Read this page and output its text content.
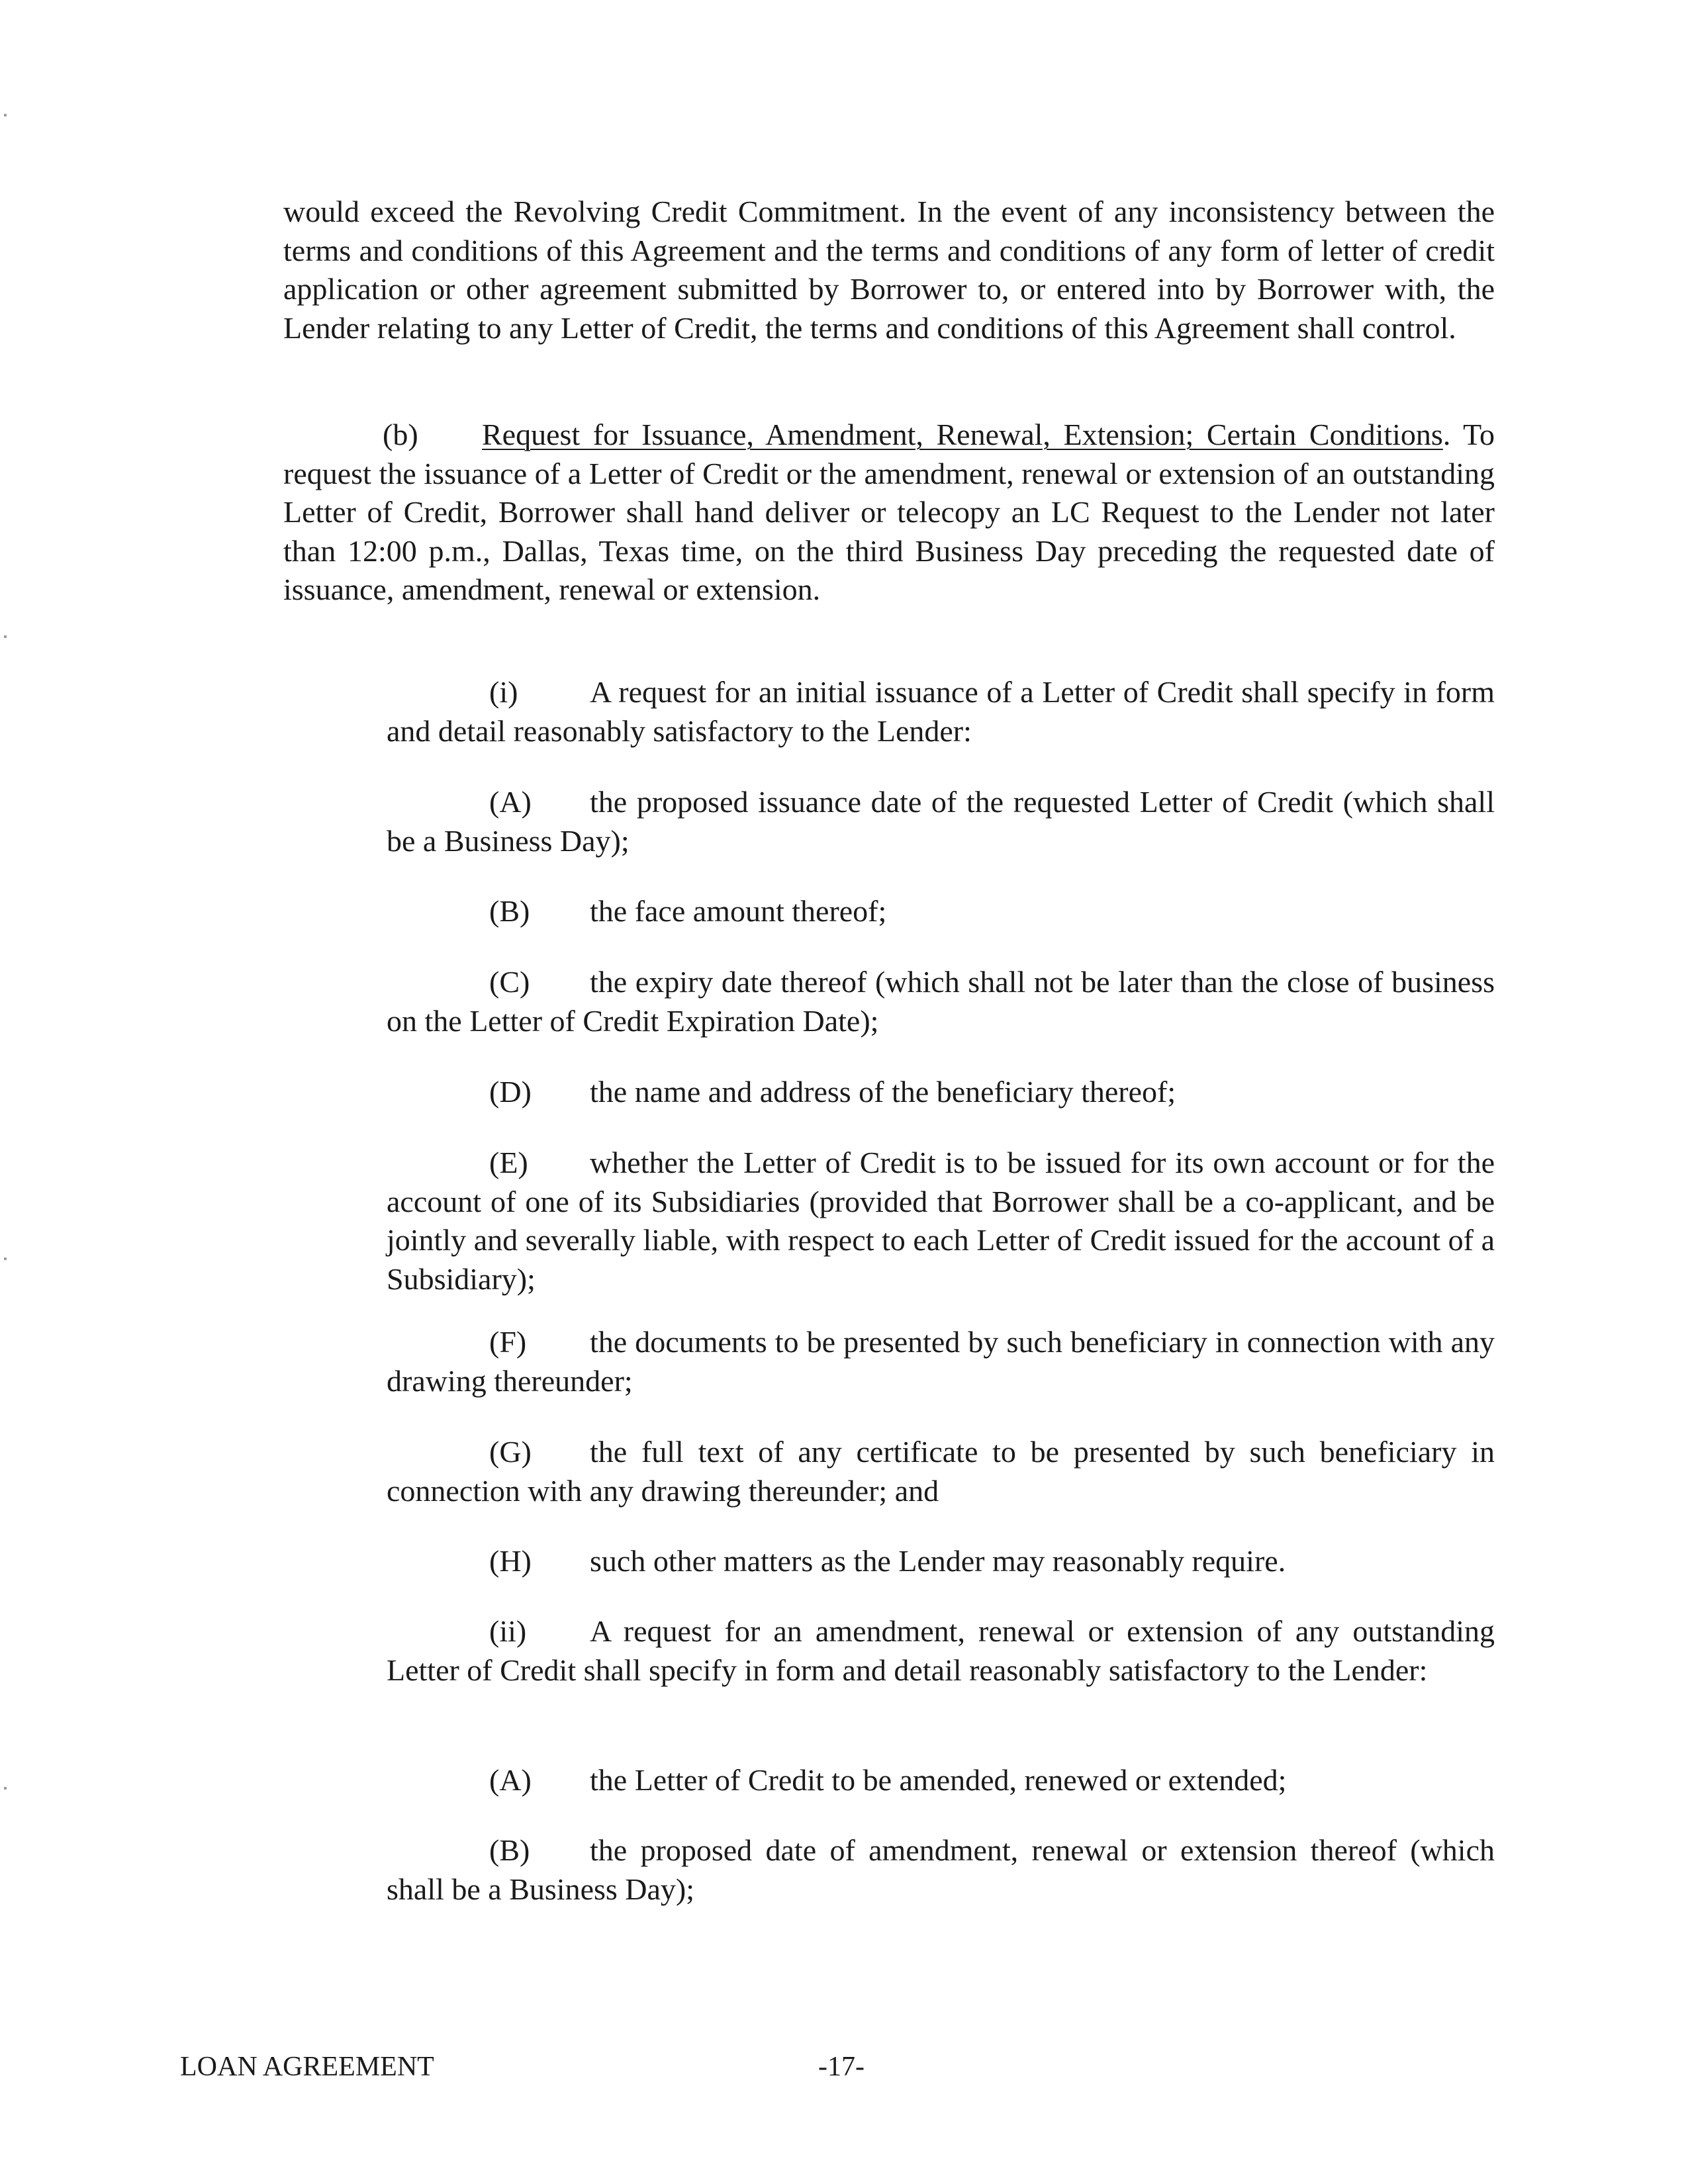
would exceed the Revolving Credit Commitment. In the event of any inconsistency between the terms and conditions of this Agreement and the terms and conditions of any form of letter of credit application or other agreement submitted by Borrower to, or entered into by Borrower with, the Lender relating to any Letter of Credit, the terms and conditions of this Agreement shall control.

(b) Request for Issuance, Amendment, Renewal, Extension; Certain Conditions. To request the issuance of a Letter of Credit or the amendment, renewal or extension of an outstanding Letter of Credit, Borrower shall hand deliver or telecopy an LC Request to the Lender not later than 12:00 p.m., Dallas, Texas time, on the third Business Day preceding the requested date of issuance, amendment, renewal or extension.

(i) A request for an initial issuance of a Letter of Credit shall specify in form and detail reasonably satisfactory to the Lender:

(A) the proposed issuance date of the requested Letter of Credit (which shall be a Business Day);

(B) the face amount thereof;

(C) the expiry date thereof (which shall not be later than the close of business on the Letter of Credit Expiration Date);

(D) the name and address of the beneficiary thereof;

(E) whether the Letter of Credit is to be issued for its own account or for the account of one of its Subsidiaries (provided that Borrower shall be a co-applicant, and be jointly and severally liable, with respect to each Letter of Credit issued for the account of a Subsidiary);

(F) the documents to be presented by such beneficiary in connection with any drawing thereunder;

(G) the full text of any certificate to be presented by such beneficiary in connection with any drawing thereunder; and

(H) such other matters as the Lender may reasonably require.

(ii) A request for an amendment, renewal or extension of any outstanding Letter of Credit shall specify in form and detail reasonably satisfactory to the Lender:

(A) the Letter of Credit to be amended, renewed or extended;

(B) the proposed date of amendment, renewal or extension thereof (which shall be a Business Day);

LOAN AGREEMENT	-17-
